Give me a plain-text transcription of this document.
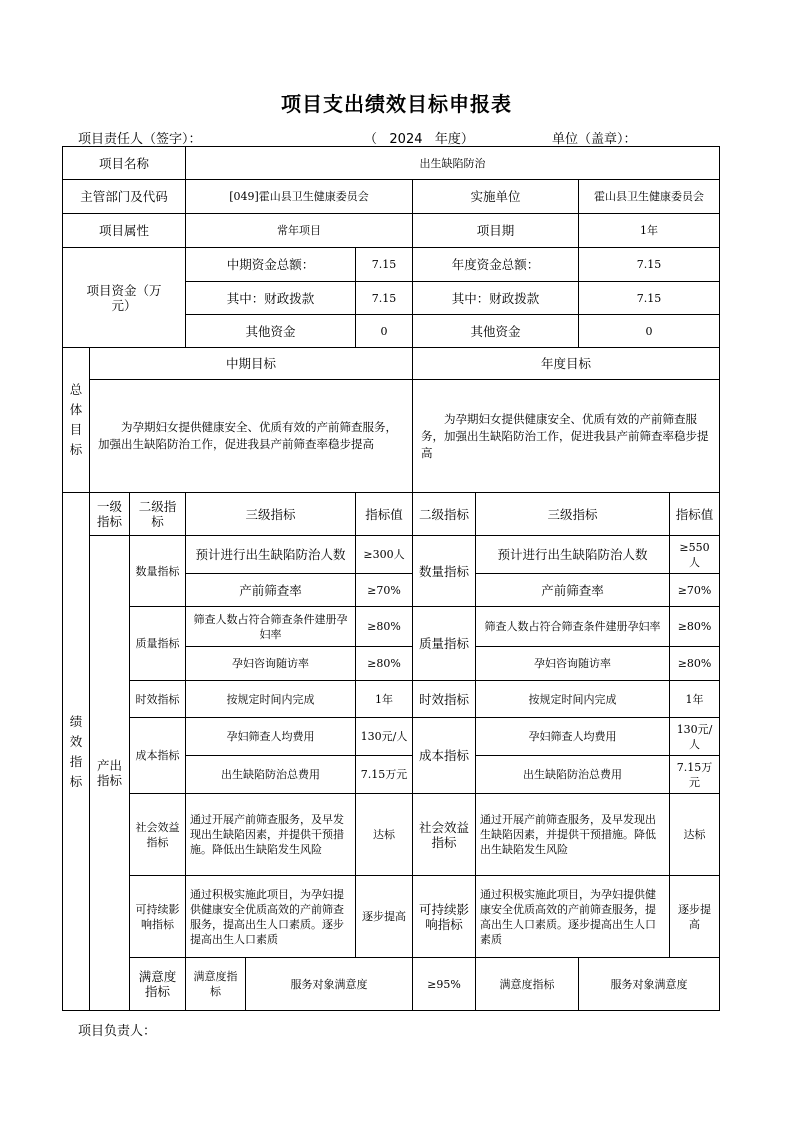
项目支出绩效目标申报表
项目责任人（签字）：	（   2024   年度）	单位（盖章）：
项目名称			出生缺陷防治							
主管部门及代码			[049]霍山县卫生健康委员会			实施单位		霍山县卫生健康委员会		
项目属性			常年项目			项目期		1年		
项目资金（万元）			中期资金总额：		7.15	年度资金总额：		7.15		
			其中：财政拨款		7.15	其中：财政拨款		7.15		
			其他资金		0	其他资金		0		
总体目标	中期目标					年度目标				
	为孕期妇女提供健康安全、优质有效的产前筛查服务，加强出生缺陷防治工作，促进我县产前筛查率稳步提高					为孕期妇女提供健康安全、优质有效的产前筛查服务，加强出生缺陷防治工作，促进我县产前筛查率稳步提高				
绩效指标	一级指标	二级指标	三级指标		指标值	二级指标	三级指标		指标值	
	产出指标	数量指标	预计进行出生缺陷防治人数		≥300人	数量指标	预计进行出生缺陷防治人数		≥550人	
			产前筛查率		≥70%		产前筛查率		≥70%	
		质量指标	筛查人数占符合筛查条件建册孕妇率		≥80%	质量指标	筛查人数占符合筛查条件建册孕妇率		≥80%	
			孕妇咨询随访率		≥80%		孕妇咨询随访率		≥80%	
		时效指标	按规定时间内完成		1年	时效指标	按规定时间内完成		1年	
		成本指标	孕妇筛查人均费用		130元/人	成本指标	孕妇筛查人均费用		130元/人	
			出生缺陷防治总费用		7.15万元		出生缺陷防治总费用		7.15万元	
		社会效益指标	通过开展产前筛查服务，及早发现出生缺陷因素，并提供干预措施。降低出生缺陷发生风险		达标	社会效益指标	通过开展产前筛查服务，及早发现出生缺陷因素，并提供干预措施。降低出生缺陷发生风险		达标	
		可持续影响指标	通过积极实施此项目，为孕妇提供健康安全优质高效的产前筛查服务，提高出生人口素质。逐步提高出生人口素质		逐步提高	可持续影响指标	通过积极实施此项目，为孕妇提供健康安全优质高效的产前筛查服务，提高出生人口素质。逐步提高出生人口素质		逐步提高	
		满意度指标	满意度指标	服务对象满意度		≥95%	满意度指标	服务对象满意度	
项目负责人：
